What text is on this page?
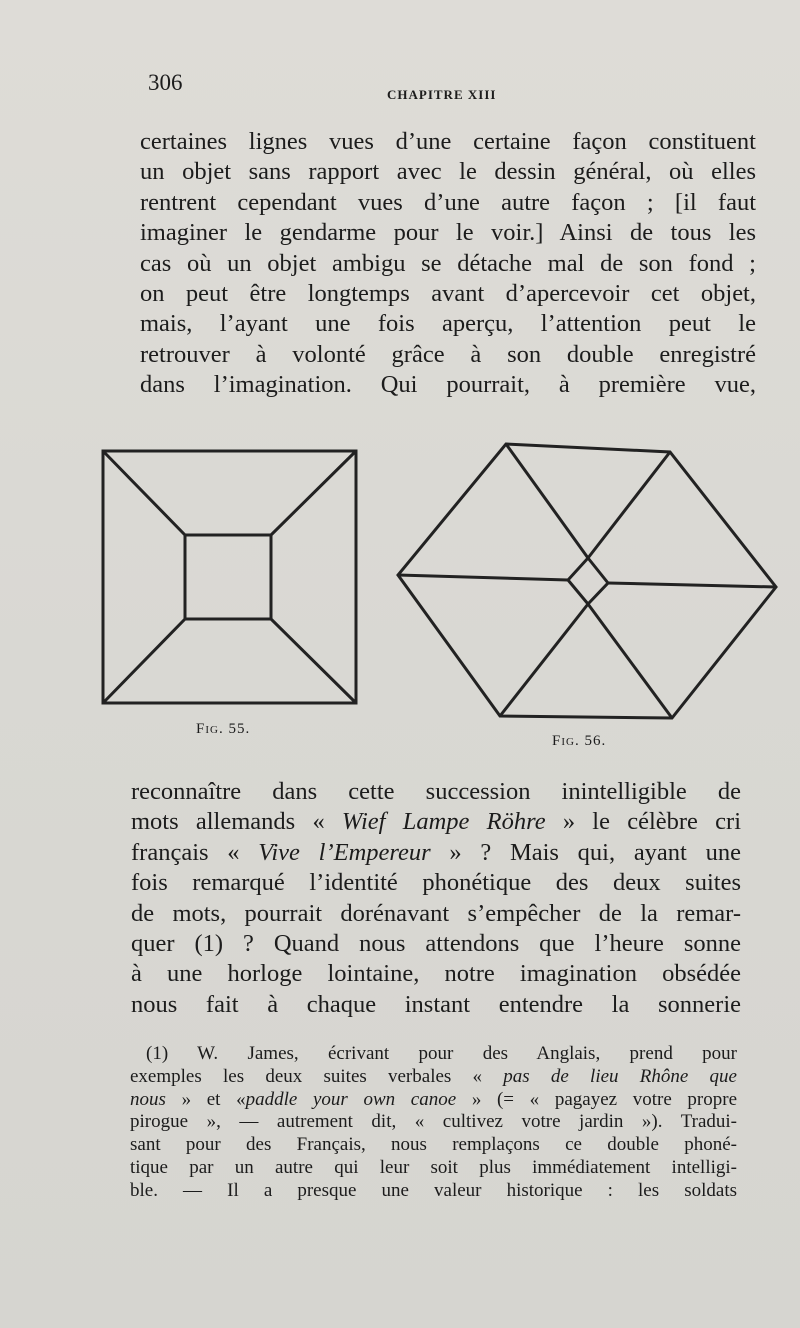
306	CHAPITRE XIII

certaines lignes vues d’une certaine façon constituent
un objet sans rapport avec le dessin général, où elles
rentrent cependant vues d’une autre façon ; [il faut
imaginer le gendarme pour le voir.] Ainsi de tous les
cas où un objet ambigu se détache mal de son fond ;
on peut être longtemps avant d’apercevoir cet objet,
mais, l’ayant une fois aperçu, l’attention peut le
retrouver à volonté grâce à son double enregistré
dans l’imagination. Qui pourrait, à première vue,

Fig. 55.
Fig. 56.

reconnaître dans cette succession inintelligible de
mots allemands « Wief Lampe Röhre » le célèbre cri
français « Vive l’Empereur » ? Mais qui, ayant une
fois remarqué l’identité phonétique des deux suites
de mots, pourrait dorénavant s’empêcher de la remar-
quer (1) ? Quand nous attendons que l’heure sonne
à une horloge lointaine, notre imagination obsédée
nous fait à chaque instant entendre la sonnerie

(1) W. James, écrivant pour des Anglais, prend pour
exemples les deux suites verbales « pas de lieu Rhône que
nous » et «paddle your own canoe » (= « pagayez votre propre
pirogue », — autrement dit, « cultivez votre jardin »). Tradui-
sant pour des Français, nous remplaçons ce double phoné-
tique par un autre qui leur soit plus immédiatement intelligi-
ble. — Il a presque une valeur historique : les soldats
